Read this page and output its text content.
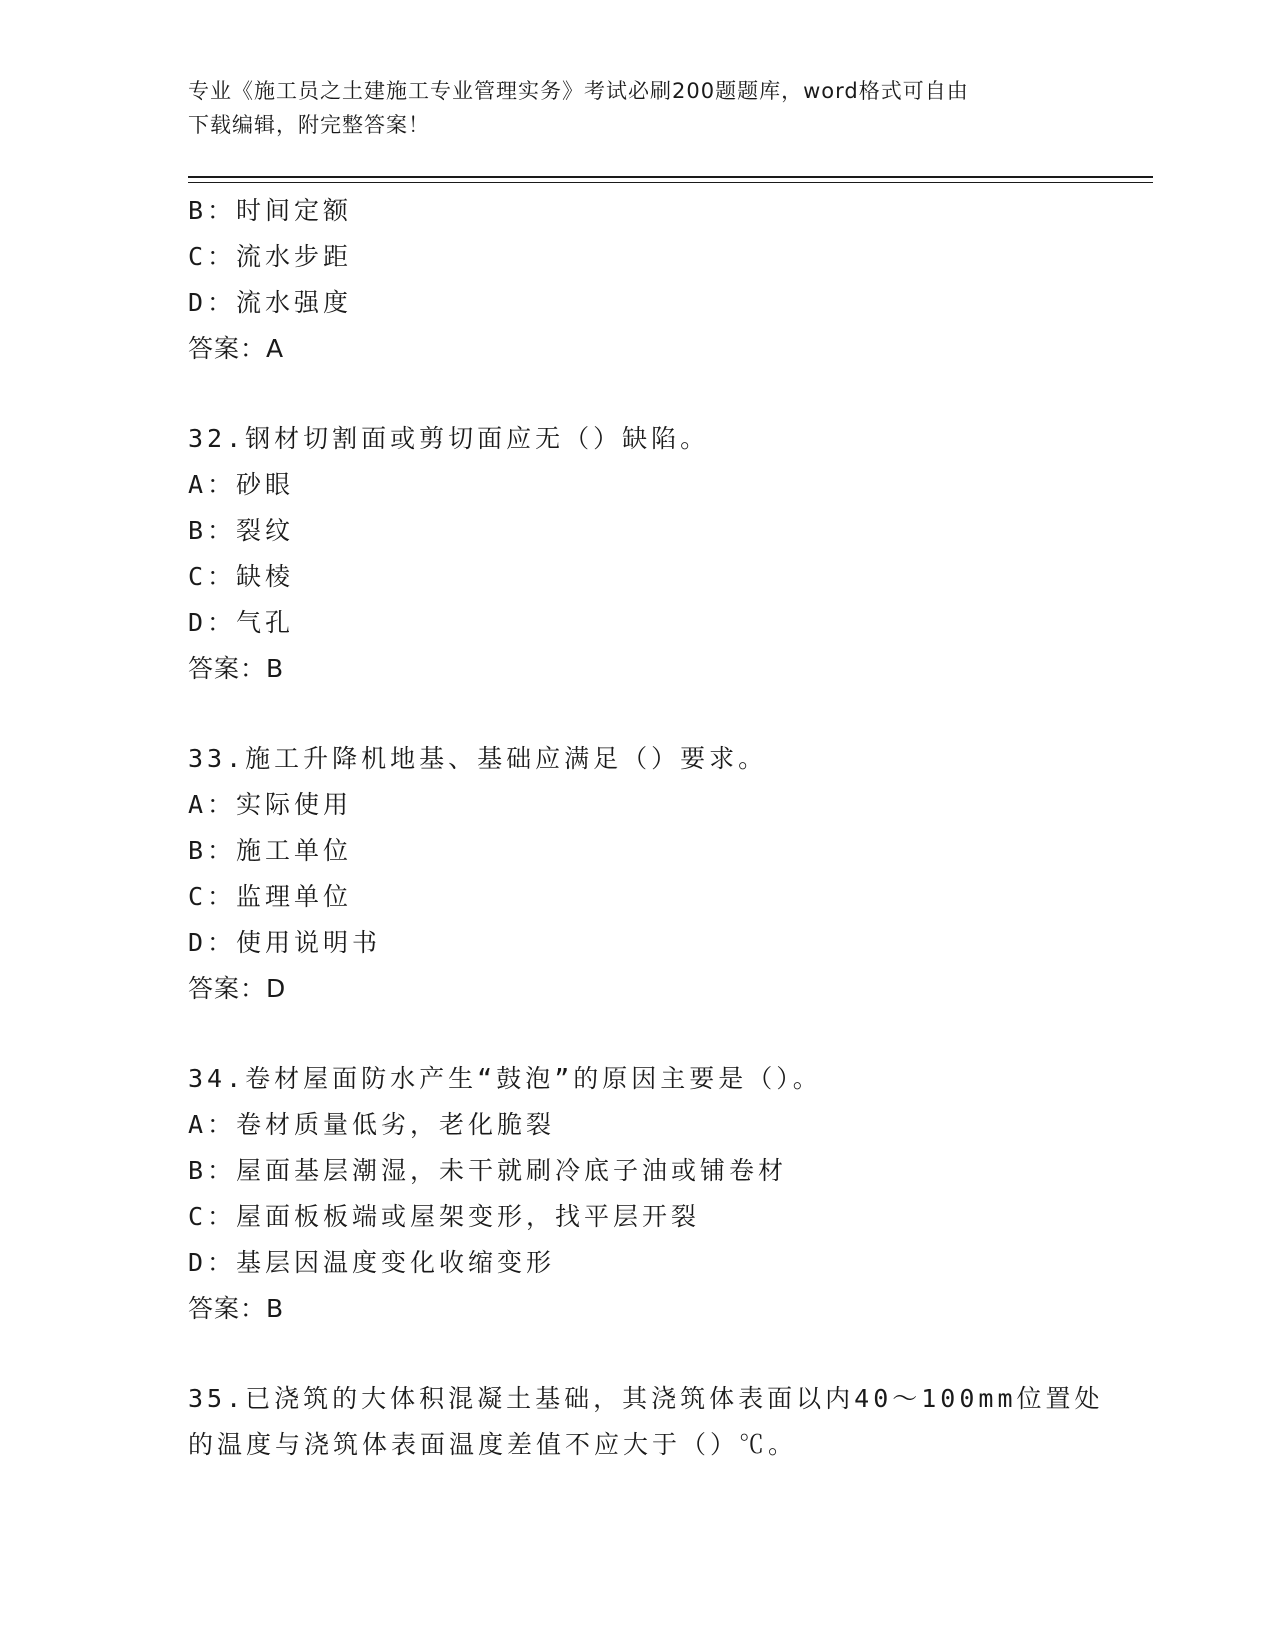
专业《施工员之土建施工专业管理实务》考试必刷200题题库，word格式可自由
下载编辑，附完整答案！
B：时间定额
C：流水步距
D：流水强度
答案：A
32.钢材切割面或剪切面应无（）缺陷。
A：砂眼
B：裂纹
C：缺棱
D：气孔
答案：B
33.施工升降机地基、基础应满足（）要求。
A：实际使用
B：施工单位
C：监理单位
D：使用说明书
答案：D
34.卷材屋面防水产生“鼓泡”的原因主要是（）。
A：卷材质量低劣，老化脆裂
B：屋面基层潮湿，未干就刷冷底子油或铺卷材
C：屋面板板端或屋架变形，找平层开裂
D：基层因温度变化收缩变形
答案：B
35.已浇筑的大体积混凝土基础，其浇筑体表面以内40～100mm位置处
的温度与浇筑体表面温度差值不应大于（）℃。
